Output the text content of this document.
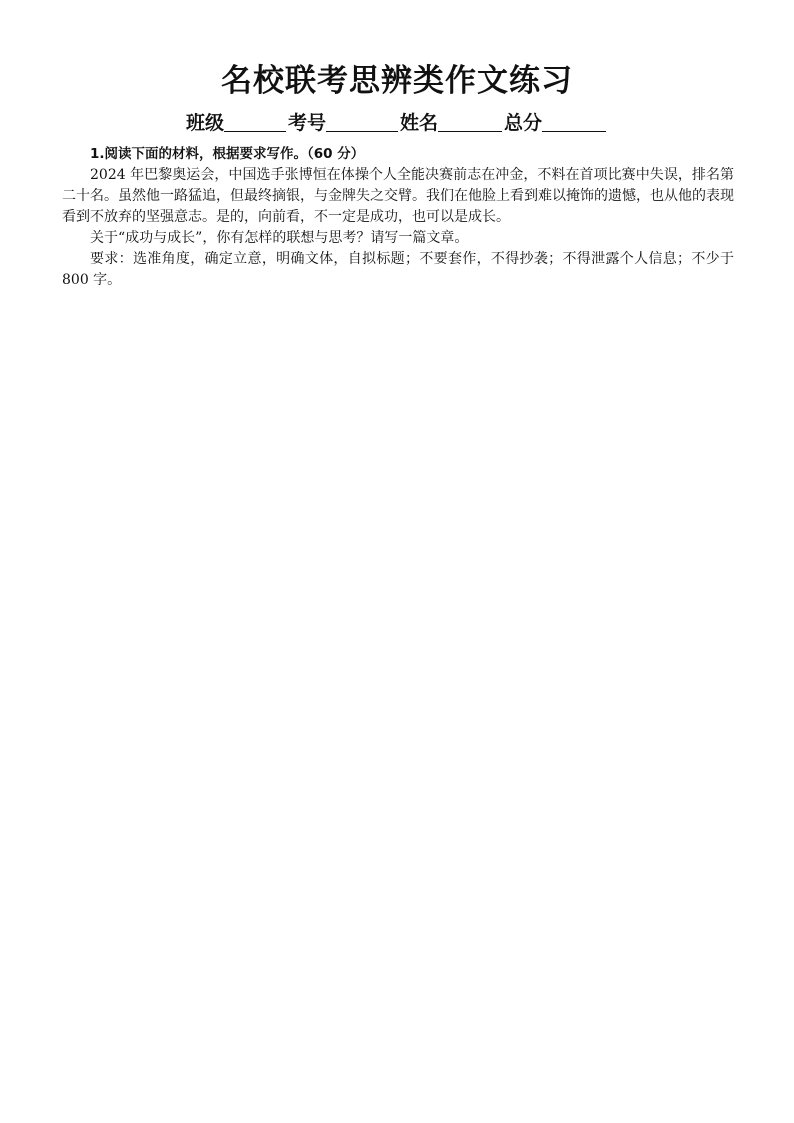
名校联考思辨类作文练习
班级	考号	姓名	总分

1.阅读下面的材料，根据要求写作。（60 分）

2024 年巴黎奥运会，中国选手张博恒在体操个人全能决赛前志在冲金，不料在首项比赛中失误，排名第二十名。虽然他一路猛追，但最终摘银，与金牌失之交臂。我们在他脸上看到难以掩饰的遗憾，也从他的表现看到不放弃的坚强意志。是的，向前看，不一定是成功，也可以是成长。

关于“成功与成长”，你有怎样的联想与思考？请写一篇文章。

要求：选准角度，确定立意，明确文体，自拟标题；不要套作，不得抄袭；不得泄露个人信息；不少于 800 字。
